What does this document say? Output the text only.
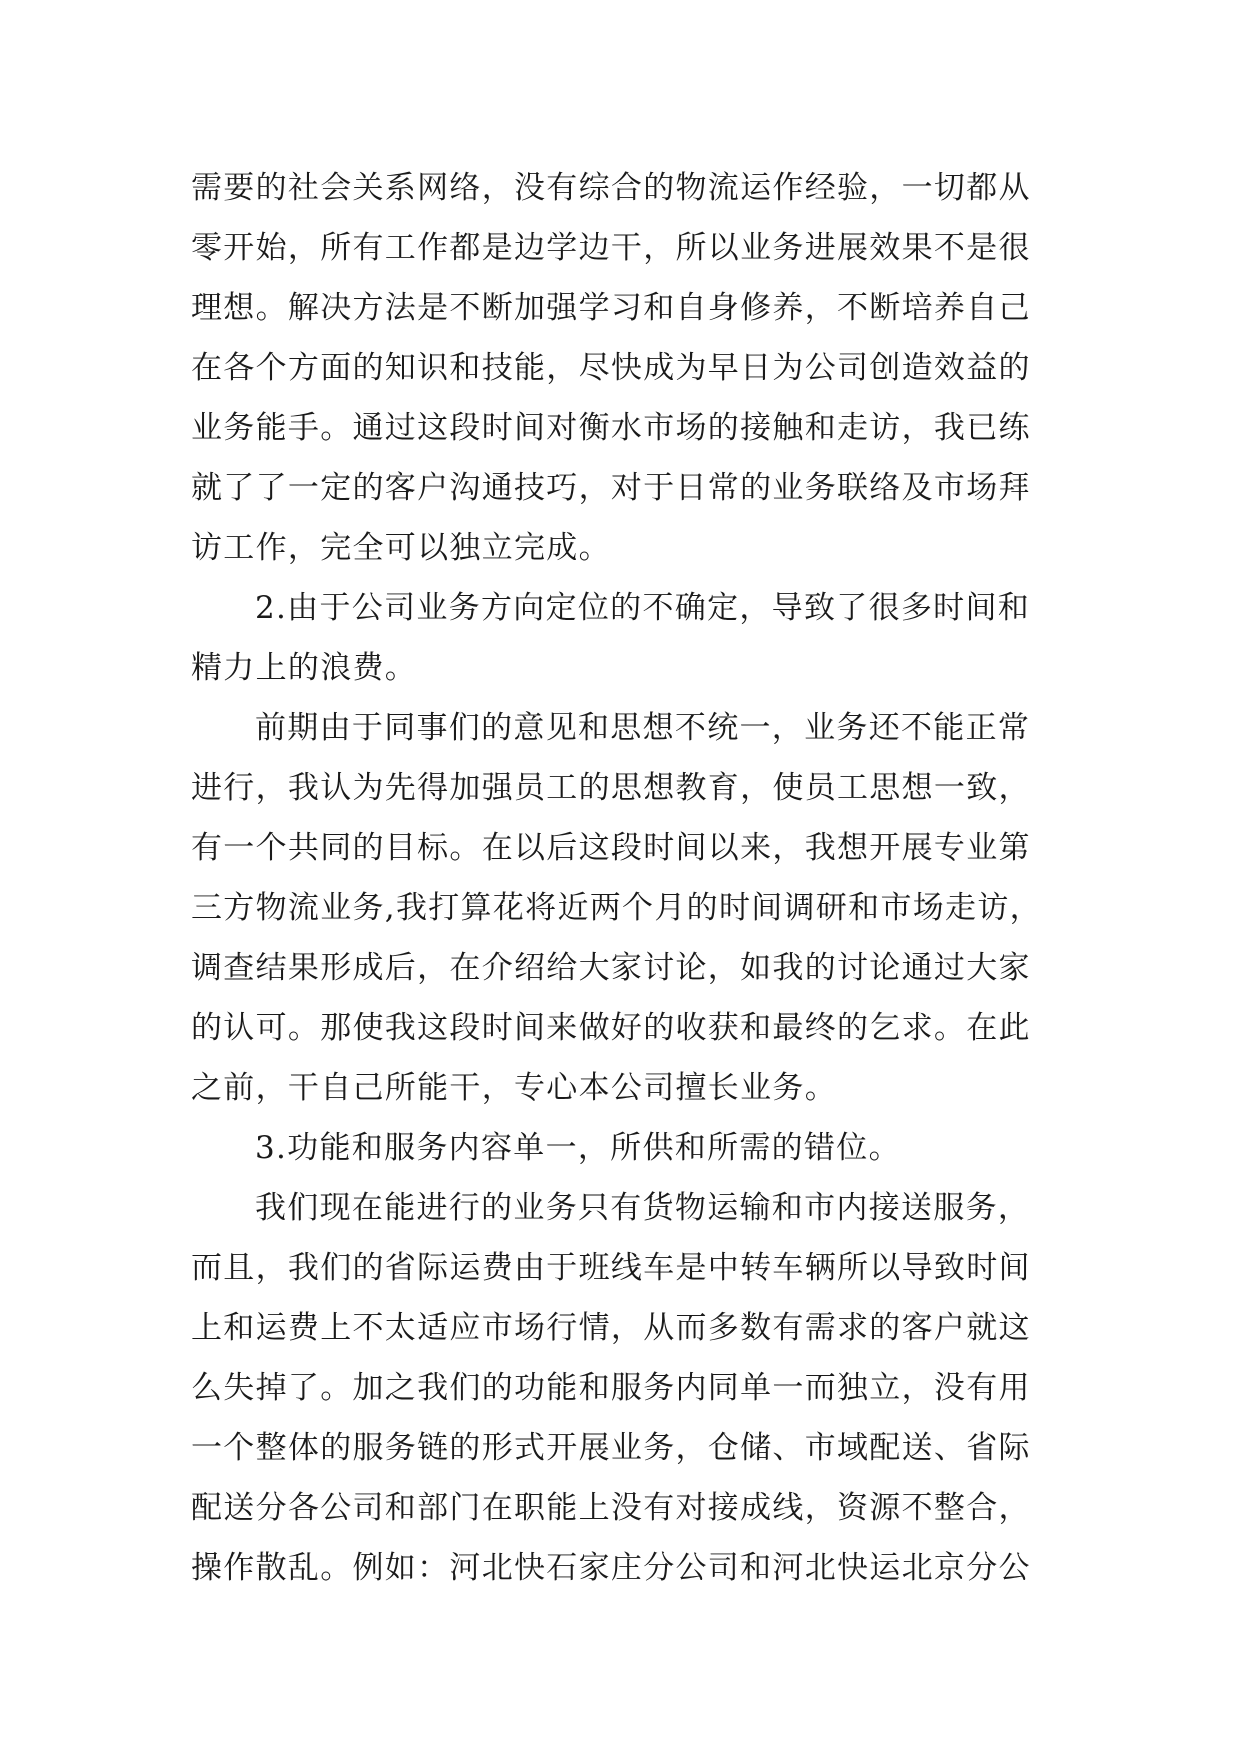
需要的社会关系网络，没有综合的物流运作经验，一切都从
零开始，所有工作都是边学边干，所以业务进展效果不是很
理想。解决方法是不断加强学习和自身修养，不断培养自己
在各个方面的知识和技能，尽快成为早日为公司创造效益的
业务能手。通过这段时间对衡水市场的接触和走访，我已练
就了了一定的客户沟通技巧，对于日常的业务联络及市场拜
访工作，完全可以独立完成。
2.由于公司业务方向定位的不确定，导致了很多时间和
精力上的浪费。
前期由于同事们的意见和思想不统一，业务还不能正常
进行，我认为先得加强员工的思想教育，使员工思想一致，
有一个共同的目标。在以后这段时间以来，我想开展专业第
三方物流业务,我打算花将近两个月的时间调研和市场走访，
调查结果形成后，在介绍给大家讨论，如我的讨论通过大家
的认可。那使我这段时间来做好的收获和最终的乞求。在此
之前，干自己所能干，专心本公司擅长业务。
3.功能和服务内容单一，所供和所需的错位。
我们现在能进行的业务只有货物运输和市内接送服务，
而且，我们的省际运费由于班线车是中转车辆所以导致时间
上和运费上不太适应市场行情，从而多数有需求的客户就这
么失掉了。加之我们的功能和服务内同单一而独立，没有用
一个整体的服务链的形式开展业务，仓储、市域配送、省际
配送分各公司和部门在职能上没有对接成线，资源不整合，
操作散乱。例如：河北快石家庄分公司和河北快运北京分公
